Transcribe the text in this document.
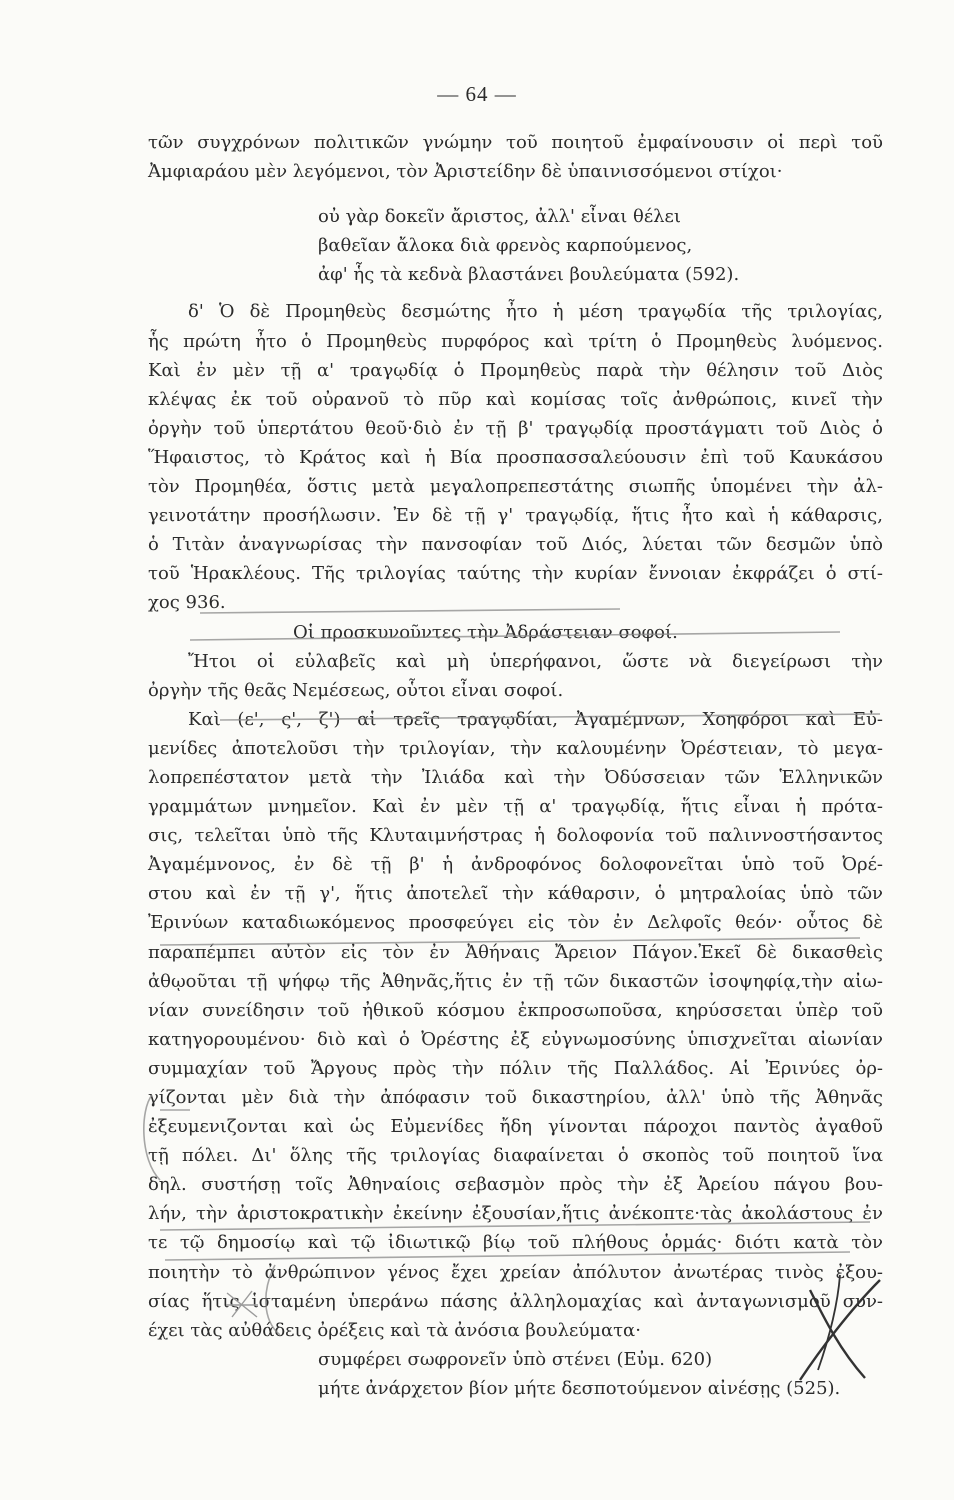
— 64 —
τῶν συγχρόνων πολιτικῶν γνώμην τοῦ ποιητοῦ ἐμφαίνουσιν οἱ περὶ τοῦ
Ἀμφιαράου μὲν λεγόμενοι, τὸν Ἀριστείδην δὲ ὑπαινισσόμενοι στίχοι·
οὐ γὰρ δοκεῖν ἄριστος, ἀλλ' εἶναι θέλει
βαθεῖαν ἄλοκα διὰ φρενὸς καρπούμενος,
ἀφ' ἧς τὰ κεδνὰ βλαστάνει βουλεύματα (592).
δ' Ὁ δὲ Προμηθεὺς δεσμώτης ἦτο ἡ μέση τραγῳδία τῆς τριλογίας,
ἧς πρώτη ἦτο ὁ Προμηθεὺς πυρφόρος καὶ τρίτη ὁ Προμηθεὺς λυόμενος.
Καὶ ἐν μὲν τῇ α' τραγῳδίᾳ ὁ Προμηθεὺς παρὰ τὴν θέλησιν τοῦ Διὸς
κλέψας ἐκ τοῦ οὐρανοῦ τὸ πῦρ καὶ κομίσας τοῖς ἀνθρώποις, κινεῖ τὴν
ὀργὴν τοῦ ὑπερτάτου θεοῦ·διὸ ἐν τῇ β' τραγῳδίᾳ προστάγματι τοῦ Διὸς ὁ
Ἥφαιστος, τὸ Κράτος καὶ ἡ Βία προσπασσαλεύουσιν ἐπὶ τοῦ Καυκάσου
τὸν Προμηθέα, ὅστις μετὰ μεγαλοπρεπεστάτης σιωπῆς ὑπομένει τὴν ἀλ-
γεινοτάτην προσήλωσιν. Ἐν δὲ τῇ γ' τραγῳδίᾳ, ἥτις ἦτο καὶ ἡ κάθαρσις,
ὁ Τιτὰν ἀναγνωρίσας τὴν πανσοφίαν τοῦ Διός, λύεται τῶν δεσμῶν ὑπὸ
τοῦ Ἡρακλέους. Τῆς τριλογίας ταύτης τὴν κυρίαν ἔννοιαν ἐκφράζει ὁ στί-
χος 936.
Οἱ προσκυνοῦντες τὴν Ἀδράστειαν σοφοί.
Ἤτοι οἱ εὐλαβεῖς καὶ μὴ ὑπερήφανοι, ὥστε νὰ διεγείρωσι τὴν
ὀργὴν τῆς θεᾶς Νεμέσεως, οὗτοι εἶναι σοφοί.
Καὶ (ε', ς', ζ') αἱ τρεῖς τραγῳδίαι, Ἀγαμέμνων, Χοηφόροι καὶ Εὐ-
μενίδες ἀποτελοῦσι τὴν τριλογίαν, τὴν καλουμένην Ὀρέστειαν, τὸ μεγα-
λοπρεπέστατον μετὰ τὴν Ἰλιάδα καὶ τὴν Ὀδύσσειαν τῶν Ἑλληνικῶν
γραμμάτων μνημεῖον. Καὶ ἐν μὲν τῇ α' τραγῳδίᾳ, ἥτις εἶναι ἡ πρότα-
σις, τελεῖται ὑπὸ τῆς Κλυταιμνήστρας ἡ δολοφονία τοῦ παλιννοστήσαντος
Ἀγαμέμνονος, ἐν δὲ τῇ β' ἡ ἀνδροφόνος δολοφονεῖται ὑπὸ τοῦ Ὀρέ-
στου καὶ ἐν τῇ γ', ἥτις ἀποτελεῖ τὴν κάθαρσιν, ὁ μητραλοίας ὑπὸ τῶν
Ἐρινύων καταδιωκόμενος προσφεύγει εἰς τὸν ἐν Δελφοῖς θεόν· οὗτος δὲ
παραπέμπει αὐτὸν εἰς τὸν ἐν Ἀθήναις Ἄρειον Πάγον.Ἐκεῖ δὲ δικασθεὶς
ἀθῳοῦται τῇ ψήφῳ τῆς Ἀθηνᾶς,ἥτις ἐν τῇ τῶν δικαστῶν ἰσοψηφίᾳ,τὴν αἰω-
νίαν συνείδησιν τοῦ ἠθικοῦ κόσμου ἐκπροσωποῦσα, κηρύσσεται ὑπὲρ τοῦ
κατηγορουμένου· διὸ καὶ ὁ Ὀρέστης ἐξ εὐγνωμοσύνης ὑπισχνεῖται αἰωνίαν
συμμαχίαν τοῦ Ἄργους πρὸς τὴν πόλιν τῆς Παλλάδος. Αἱ Ἐρινύες ὀρ-
γίζονται μὲν διὰ τὴν ἀπόφασιν τοῦ δικαστηρίου, ἀλλ' ὑπὸ τῆς Ἀθηνᾶς
ἐξευμενιζονται καὶ ὡς Εὐμενίδες ἤδη γίνονται πάροχοι παντὸς ἀγαθοῦ
τῇ πόλει. Δι' ὅλης τῆς τριλογίας διαφαίνεται ὁ σκοπὸς τοῦ ποιητοῦ ἵνα
δηλ. συστήσῃ τοῖς Ἀθηναίοις σεβασμὸν πρὸς τὴν ἐξ Ἀρείου πάγου βου-
λήν, τὴν ἀριστοκρατικὴν ἐκείνην ἐξουσίαν,ἥτις ἀνέκοπτε·τὰς ἀκολάστους ἐν
τε τῷ δημοσίῳ καὶ τῷ ἰδιωτικῷ βίῳ τοῦ πλήθους ὁρμάς· διότι κατὰ τὸν
ποιητὴν τὸ ἀνθρώπινον γένος ἔχει χρείαν ἀπόλυτον ἀνωτέρας τινὸς ἐξου-
σίας ἥτις ἱσταμένη ὑπεράνω πάσης ἀλληλομαχίας καὶ ἀνταγωνισμοῦ συν-
έχει τὰς αὐθάδεις ὀρέξεις καὶ τὰ ἀνόσια βουλεύματα·
συμφέρει σωφρονεῖν ὑπὸ στένει (Εὐμ. 620)
μήτε ἀνάρχετον βίον μήτε δεσποτούμενον αἰνέσῃς (525).
